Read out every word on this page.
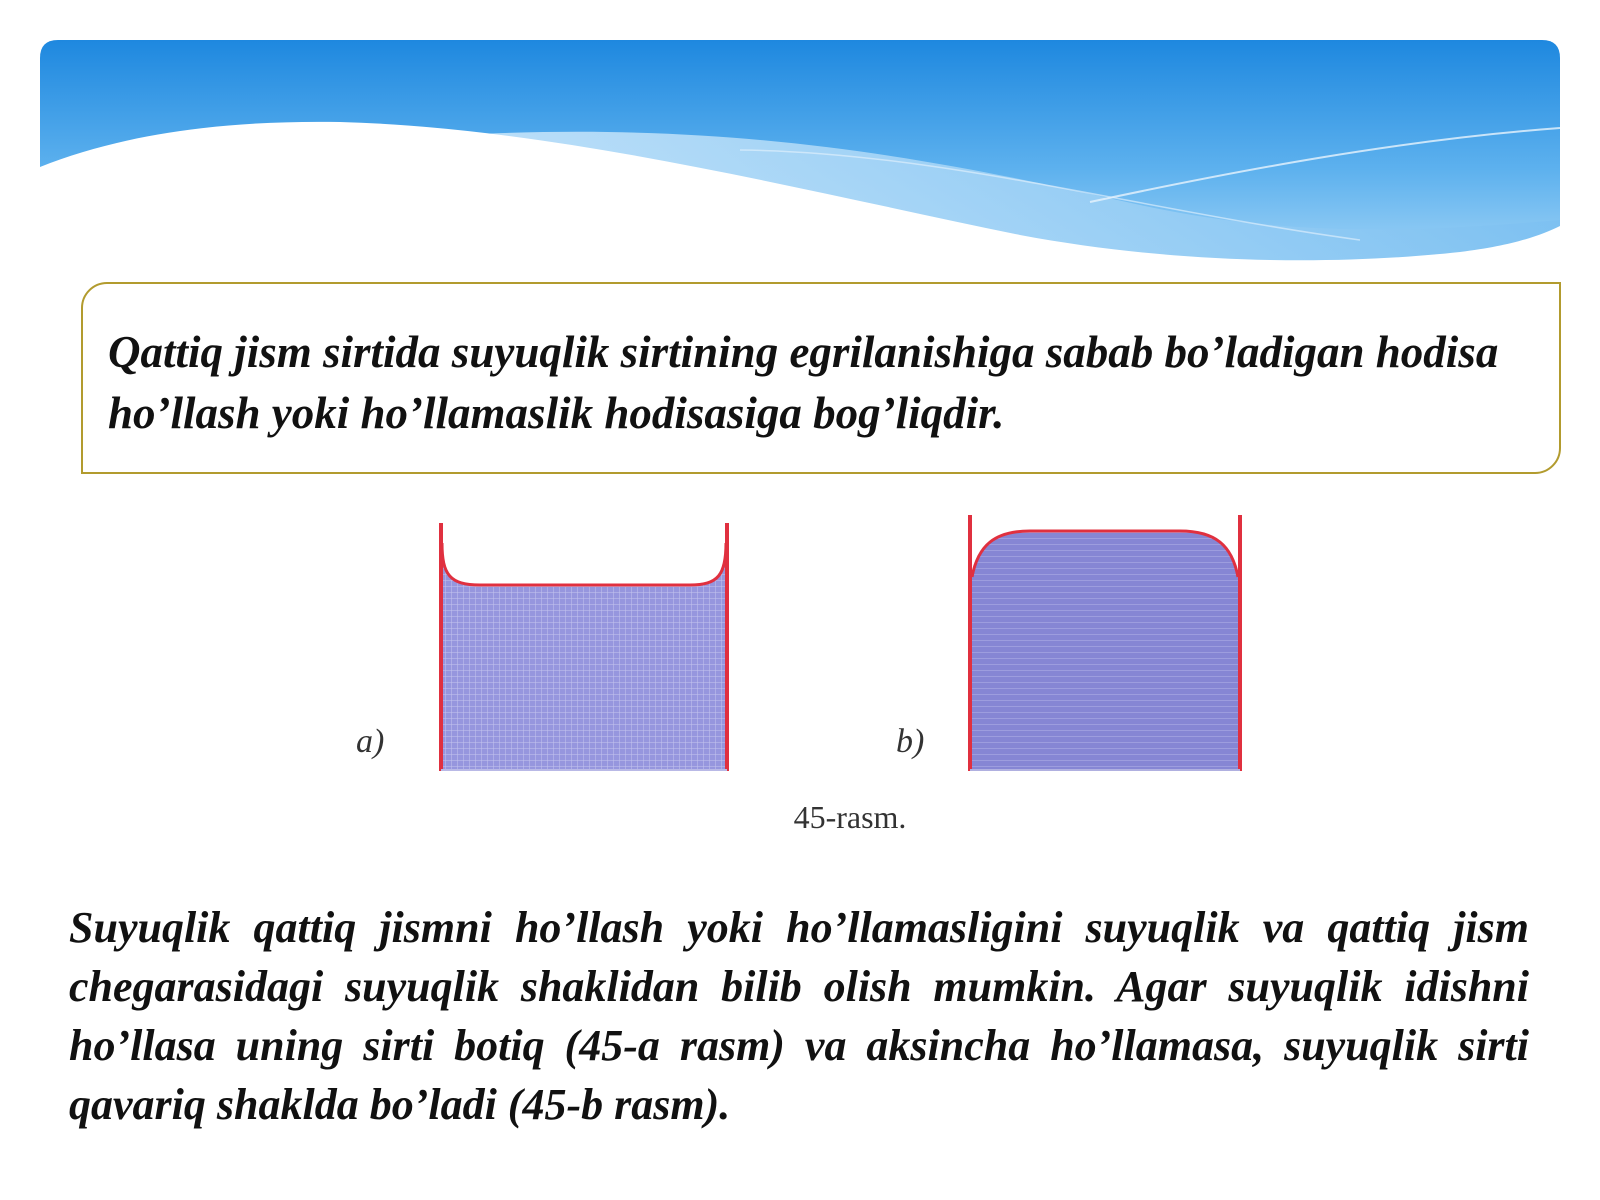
Qattiq jism sirtida suyuqlik sirtining egrilanishiga sabab bo’ladigan hodisa ho’llash yoki ho’llamaslik hodisasiga bog’liqdir.

a)	b)
45-rasm.

Suyuqlik qattiq jismni ho’llash yoki ho’llamasligini suyuqlik va qattiq jism chegarasidagi suyuqlik shaklidan bilib olish mumkin. Agar suyuqlik idishni ho’llasa uning sirti botiq (45-a rasm) va aksincha ho’llamasa, suyuqlik sirti qavariq shaklda bo’ladi (45-b rasm).
